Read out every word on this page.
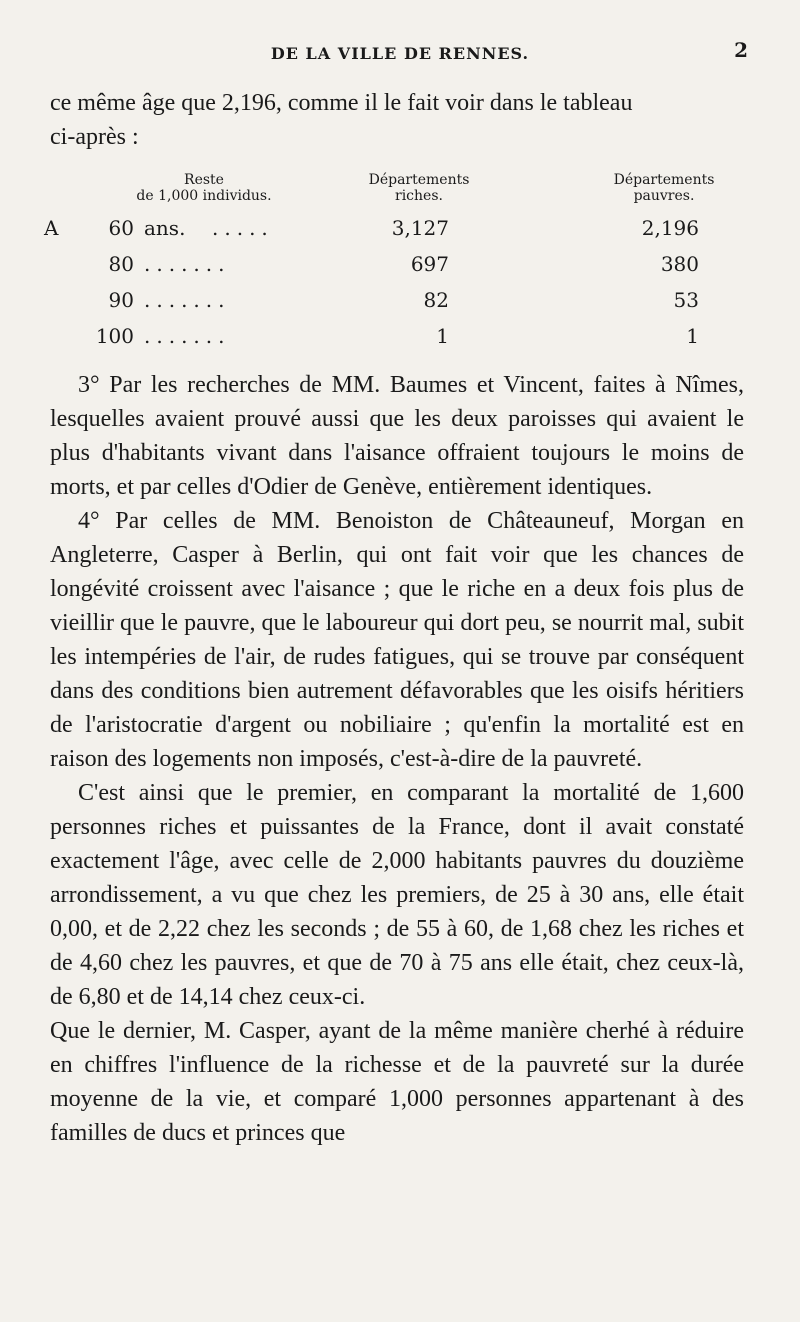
DE LA VILLE DE RENNES.	2

ce même âge que 2,196, comme il le fait voir dans le tableau

ci-après :

Reste
de 1,000 individus.
Départements
riches.
Départements
pauvres.
A	60 ans. .....	3,127	2,196
80 .......	697	380
90 .......	82	53
100 .......	1	1

3° Par les recherches de MM. Baumes et Vincent, faites à Nîmes, lesquelles avaient prouvé aussi que les deux paroisses qui avaient le plus d'habitants vivant dans l'aisance offraient toujours le moins de morts, et par celles d'Odier de Genève, entièrement identiques.

4° Par celles de MM. Benoiston de Châteauneuf, Morgan en Angleterre, Casper à Berlin, qui ont fait voir que les chances de longévité croissent avec l'aisance ; que le riche en a deux fois plus de vieillir que le pauvre, que le laboureur qui dort peu, se nourrit mal, subit les intempéries de l'air, de rudes fatigues, qui se trouve par conséquent dans des conditions bien autrement défavorables que les oisifs héritiers de l'aristocratie d'argent ou nobiliaire ; qu'enfin la mortalité est en raison des logements non imposés, c'est-à-dire de la pauvreté.

C'est ainsi que le premier, en comparant la mortalité de 1,600 personnes riches et puissantes de la France, dont il avait constaté exactement l'âge, avec celle de 2,000 habitants pauvres du douzième arrondissement, a vu que chez les premiers, de 25 à 30 ans, elle était 0,00, et de 2,22 chez les seconds ; de 55 à 60, de 1,68 chez les riches et de 4,60 chez les pauvres, et que de 70 à 75 ans elle était, chez ceux-là, de 6,80 et de 14,14 chez ceux-ci.

Que le dernier, M. Casper, ayant de la même manière cherhé à réduire en chiffres l'influence de la richesse et de la pauvreté sur la durée moyenne de la vie, et comparé 1,000 personnes appartenant à des familles de ducs et princes que
